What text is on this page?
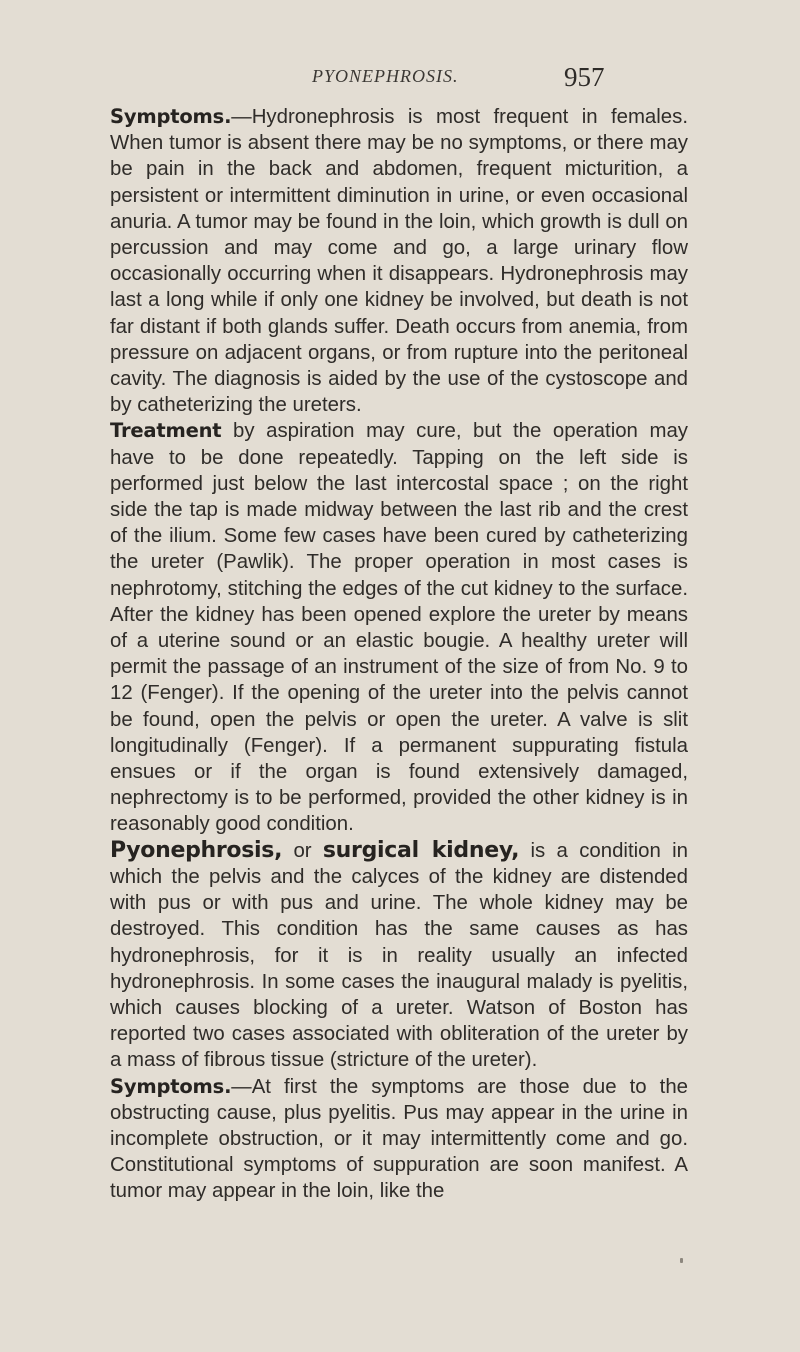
PYONEPHROSIS.	957

Symptoms.—Hydronephrosis is most frequent in females. When tumor is absent there may be no symptoms, or there may be pain in the back and abdomen, frequent micturition, a persistent or intermittent diminution in urine, or even occasional anuria. A tumor may be found in the loin, which growth is dull on percussion and may come and go, a large urinary flow occasionally occurring when it disappears. Hydronephrosis may last a long while if only one kidney be involved, but death is not far distant if both glands suffer. Death occurs from anemia, from pressure on adjacent organs, or from rupture into the peritoneal cavity. The diagnosis is aided by the use of the cystoscope and by catheterizing the ureters.

Treatment by aspiration may cure, but the operation may have to be done repeatedly. Tapping on the left side is performed just below the last intercostal space ; on the right side the tap is made midway between the last rib and the crest of the ilium. Some few cases have been cured by catheterizing the ureter (Pawlik). The proper operation in most cases is nephrotomy, stitching the edges of the cut kidney to the surface. After the kidney has been opened explore the ureter by means of a uterine sound or an elastic bougie. A healthy ureter will permit the passage of an instrument of the size of from No. 9 to 12 (Fenger). If the opening of the ureter into the pelvis cannot be found, open the pelvis or open the ureter. A valve is slit longitudinally (Fenger). If a permanent suppurating fistula ensues or if the organ is found extensively damaged, nephrectomy is to be performed, provided the other kidney is in reasonably good condition.

Pyonephrosis, or surgical kidney, is a condition in which the pelvis and the calyces of the kidney are distended with pus or with pus and urine. The whole kidney may be destroyed. This condition has the same causes as has hydronephrosis, for it is in reality usually an infected hydronephrosis. In some cases the inaugural malady is pyelitis, which causes blocking of a ureter. Watson of Boston has reported two cases associated with obliteration of the ureter by a mass of fibrous tissue (stricture of the ureter).

Symptoms.—At first the symptoms are those due to the obstructing cause, plus pyelitis. Pus may appear in the urine in incomplete obstruction, or it may intermittently come and go. Constitutional symptoms of suppuration are soon manifest. A tumor may appear in the loin, like the
